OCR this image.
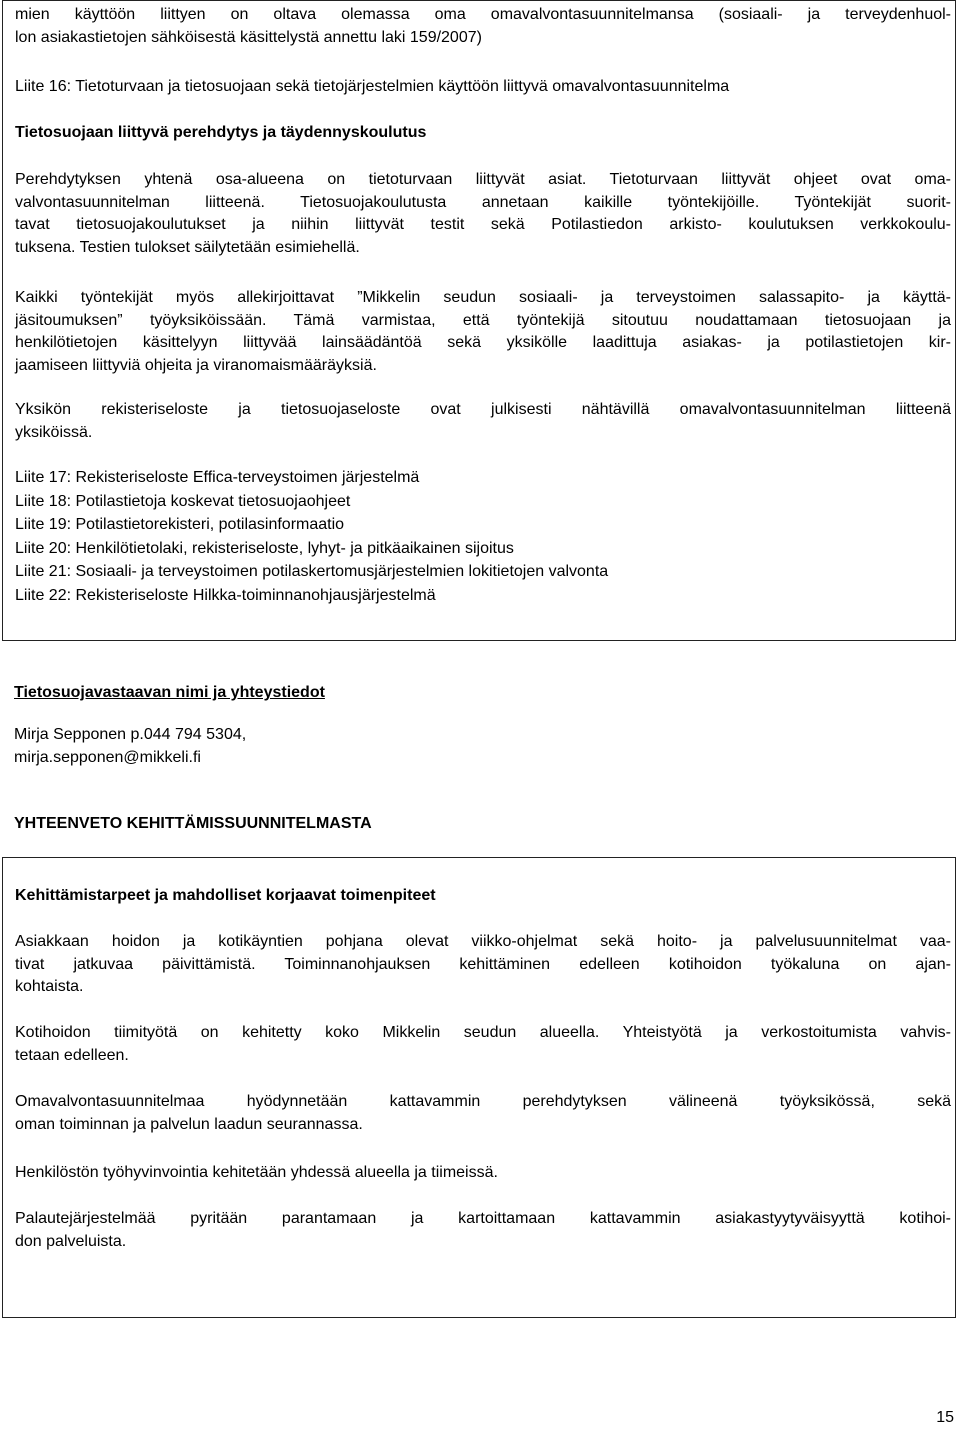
mien käyttöön liittyen on oltava olemassa oma omavalvontasuunnitelmansa (sosiaali- ja terveydenhuol-
lon asiakastietojen sähköisestä käsittelystä annettu laki 159/2007)

Liite 16: Tietoturvaan ja tietosuojaan sekä tietojärjestelmien käyttöön liittyvä omavalvontasuunnitelma

Tietosuojaan liittyvä perehdytys ja täydennyskoulutus

Perehdytyksen yhtenä osa-alueena on tietoturvaan liittyvät asiat. Tietoturvaan liittyvät ohjeet ovat oma-
valvontasuunnitelman liitteenä. Tietosuojakoulutusta annetaan kaikille työntekijöille. Työntekijät suorit-
tavat tietosuojakoulutukset ja niihin liittyvät testit sekä Potilastiedon arkisto- koulutuksen verkkokoulu-
tuksena. Testien tulokset säilytetään esimiehellä.
Kaikki työntekijät myös allekirjoittavat ”Mikkelin seudun sosiaali- ja terveystoimen salassapito- ja käyttä-
jäsitoumuksen” työyksiköissään. Tämä varmistaa, että työntekijä sitoutuu noudattamaan tietosuojaan ja
henkilötietojen käsittelyyn liittyvää lainsäädäntöä sekä yksikölle laadittuja asiakas- ja potilastietojen kir-
jaamiseen liittyviä ohjeita ja viranomaismääräyksiä.
Yksikön rekisteriseloste ja tietosuojaseloste ovat julkisesti nähtävillä omavalvontasuunnitelman liitteenä
yksiköissä.
Liite 17: Rekisteriseloste Effica-terveystoimen järjestelmä
Liite 18: Potilastietoja koskevat tietosuojaohjeet
Liite 19: Potilastietorekisteri, potilasinformaatio
Liite 20: Henkilötietolaki, rekisteriseloste, lyhyt- ja pitkäaikainen sijoitus
Liite 21: Sosiaali- ja terveystoimen potilaskertomusjärjestelmien lokitietojen valvonta
Liite 22: Rekisteriseloste Hilkka-toiminnanohjausjärjestelmä

Tietosuojavastaavan nimi ja yhteystiedot

Mirja Sepponen p.044 794 5304,
mirja.sepponen@mikkeli.fi

YHTEENVETO KEHITTÄMISSUUNNITELMASTA

Kehittämistarpeet ja mahdolliset korjaavat toimenpiteet

Asiakkaan hoidon ja kotikäyntien pohjana olevat viikko-ohjelmat sekä hoito- ja palvelusuunnitelmat vaa-
tivat jatkuvaa päivittämistä. Toiminnanohjauksen kehittäminen edelleen kotihoidon työkaluna on ajan-
kohtaista.
Kotihoidon tiimityötä on kehitetty koko Mikkelin seudun alueella. Yhteistyötä ja verkostoitumista vahvis-
tetaan edelleen.
Omavalvontasuunnitelmaa hyödynnetään kattavammin perehdytyksen välineenä työyksikössä, sekä
oman toiminnan ja palvelun laadun seurannassa.

Henkilöstön työhyvinvointia kehitetään yhdessä alueella ja tiimeissä.

Palautejärjestelmää pyritään parantamaan ja kartoittamaan kattavammin asiakastyytyväisyyttä kotihoi-
don palveluista.
15
